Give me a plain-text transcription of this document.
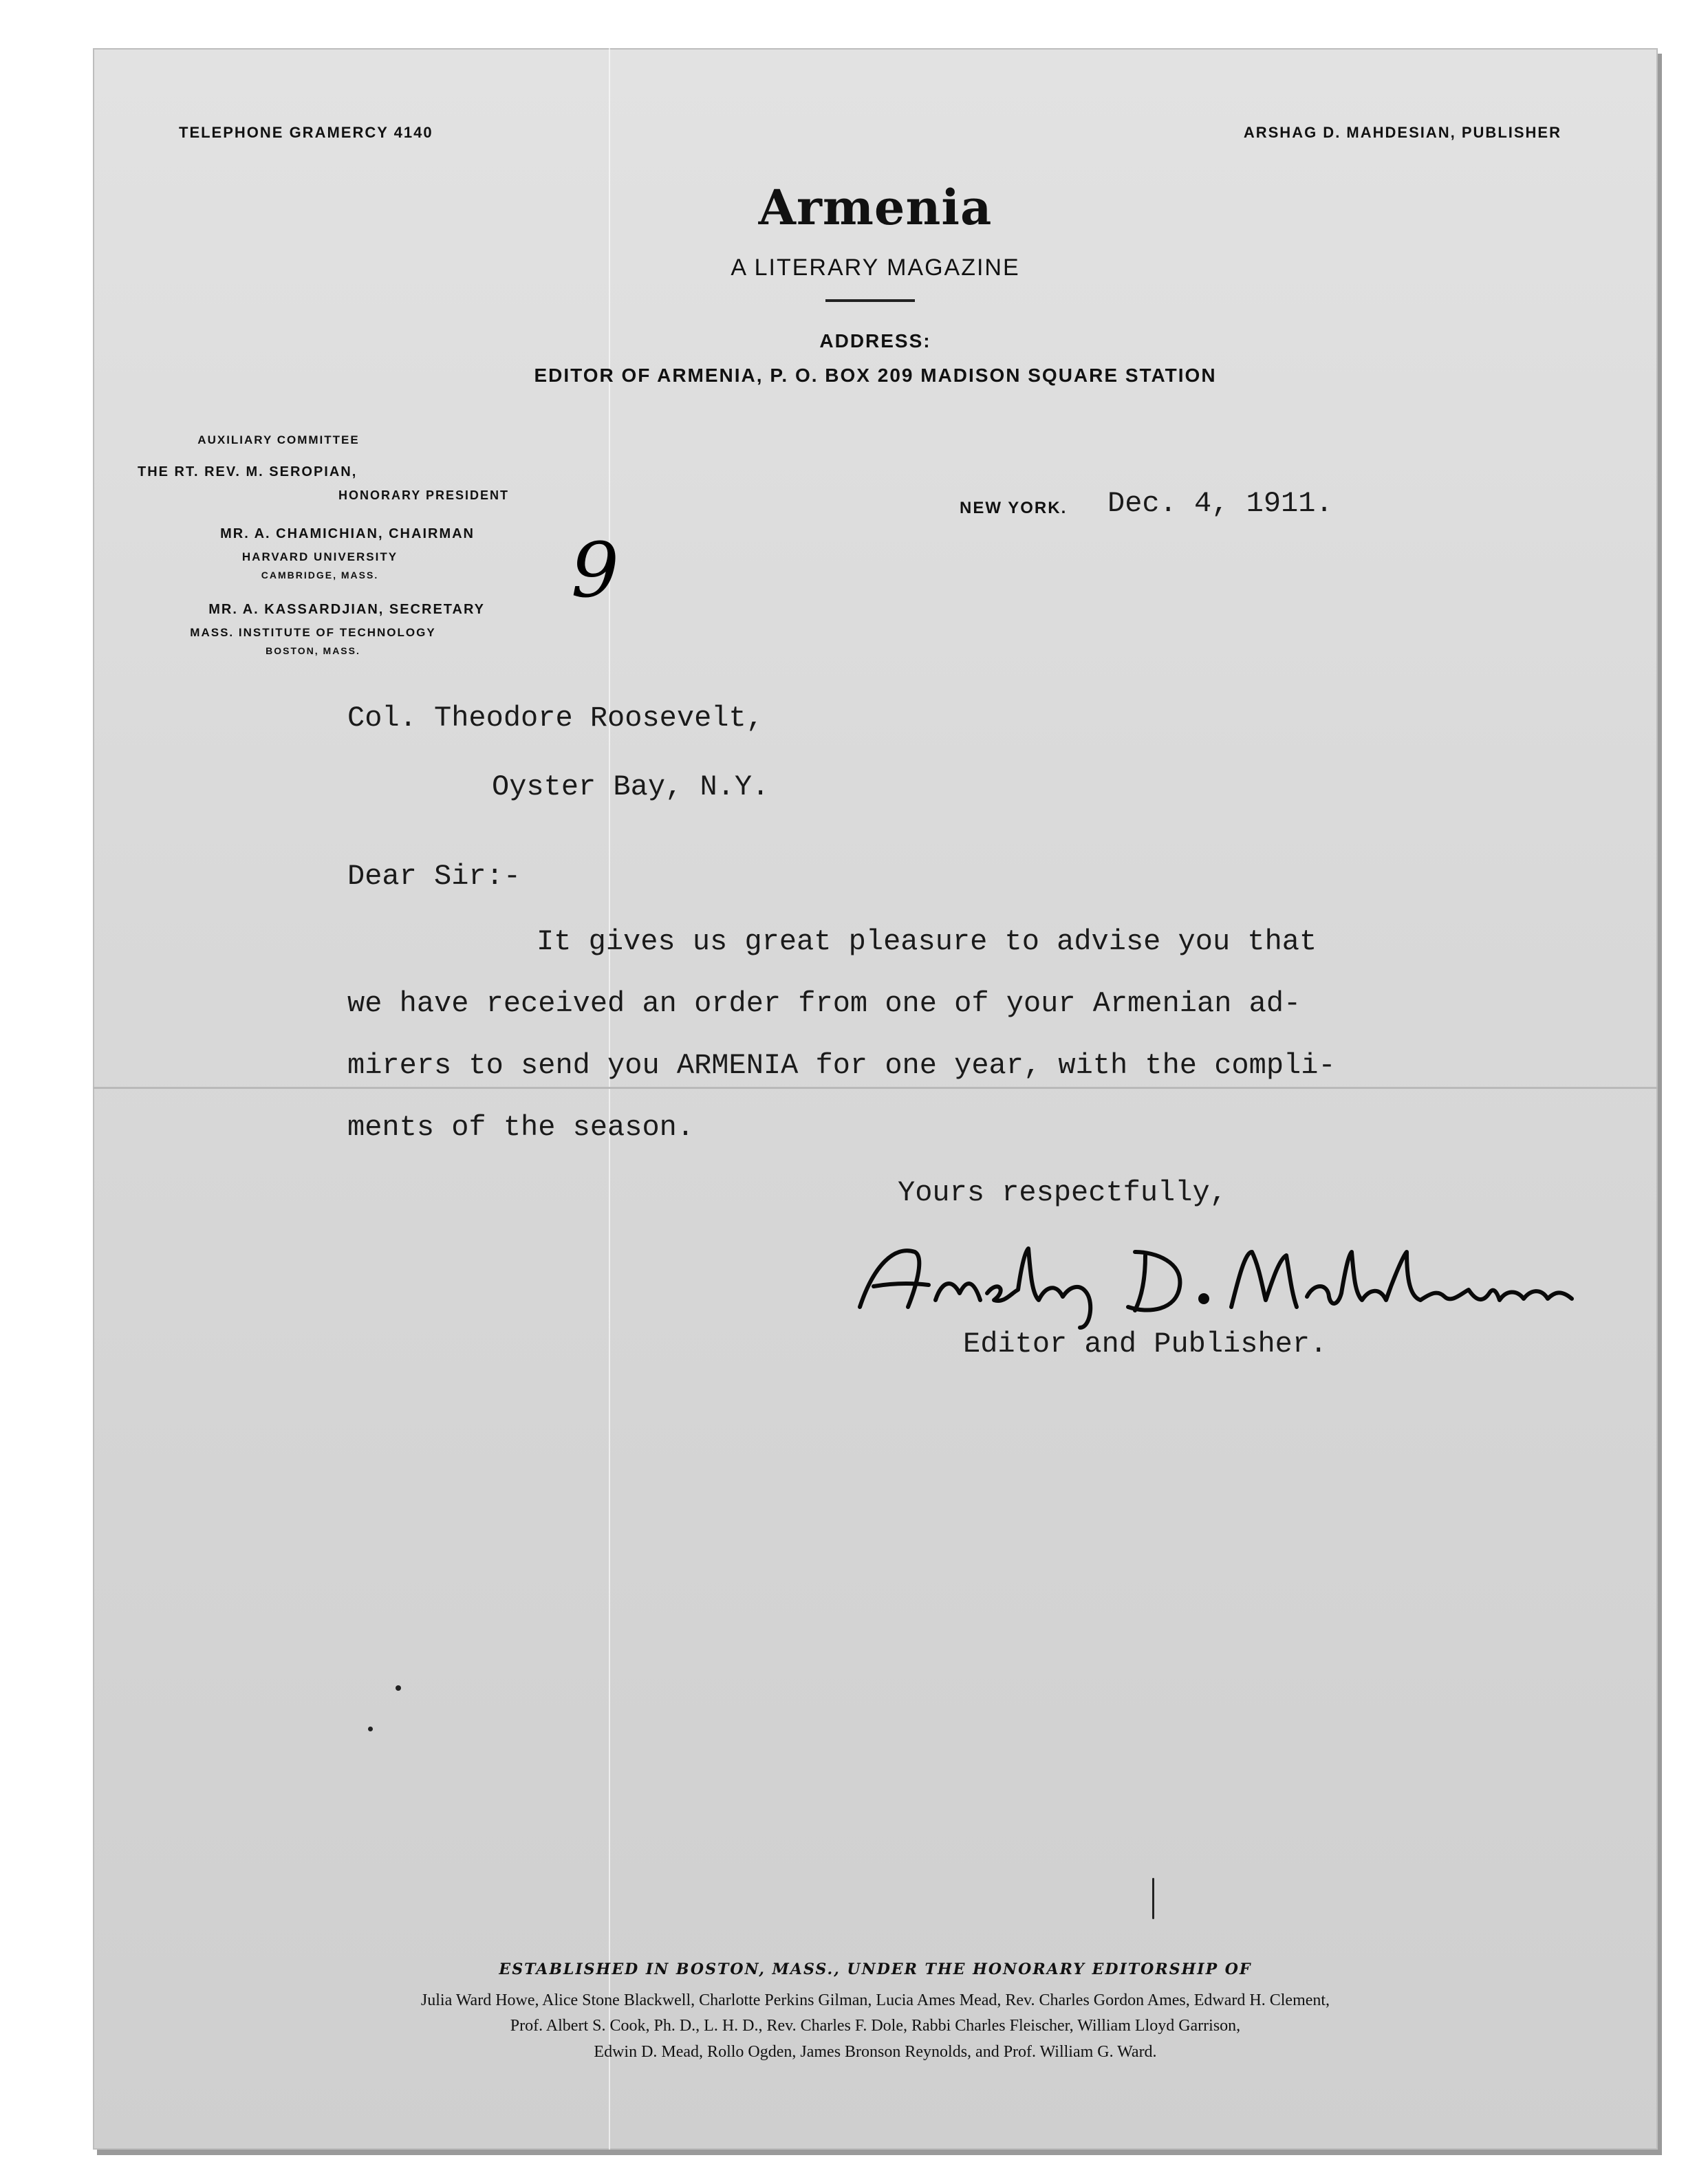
TELEPHONE GRAMERCY 4140	ARSHAG D. MAHDESIAN, PUBLISHER
Armenia
A LITERARY MAGAZINE
ADDRESS:
EDITOR OF ARMENIA, P. O. BOX 209 MADISON SQUARE STATION
AUXILIARY COMMITTEE
THE RT. REV. M. SEROPIAN,
HONORARY PRESIDENT
MR. A. CHAMICHIAN, CHAIRMAN
HARVARD UNIVERSITY
CAMBRIDGE, MASS.
MR. A. KASSARDJIAN, SECRETARY
MASS. INSTITUTE OF TECHNOLOGY
BOSTON, MASS.
9
NEW YORK. Dec. 4, 1911.
Col. Theodore Roosevelt,
Oyster Bay, N.Y.
Dear Sir:-
It gives us great pleasure to advise you that
we have received an order from one of your Armenian ad-
mirers to send you ARMENIA for one year, with the compli-
ments of the season.
Yours respectfully,
Editor and Publisher.
ESTABLISHED IN BOSTON, MASS., UNDER THE HONORARY EDITORSHIP OF
Julia Ward Howe, Alice Stone Blackwell, Charlotte Perkins Gilman, Lucia Ames Mead, Rev. Charles Gordon Ames, Edward H. Clement,
Prof. Albert S. Cook, Ph. D., L. H. D., Rev. Charles F. Dole, Rabbi Charles Fleischer, William Lloyd Garrison,
Edwin D. Mead, Rollo Ogden, James Bronson Reynolds, and Prof. William G. Ward.
